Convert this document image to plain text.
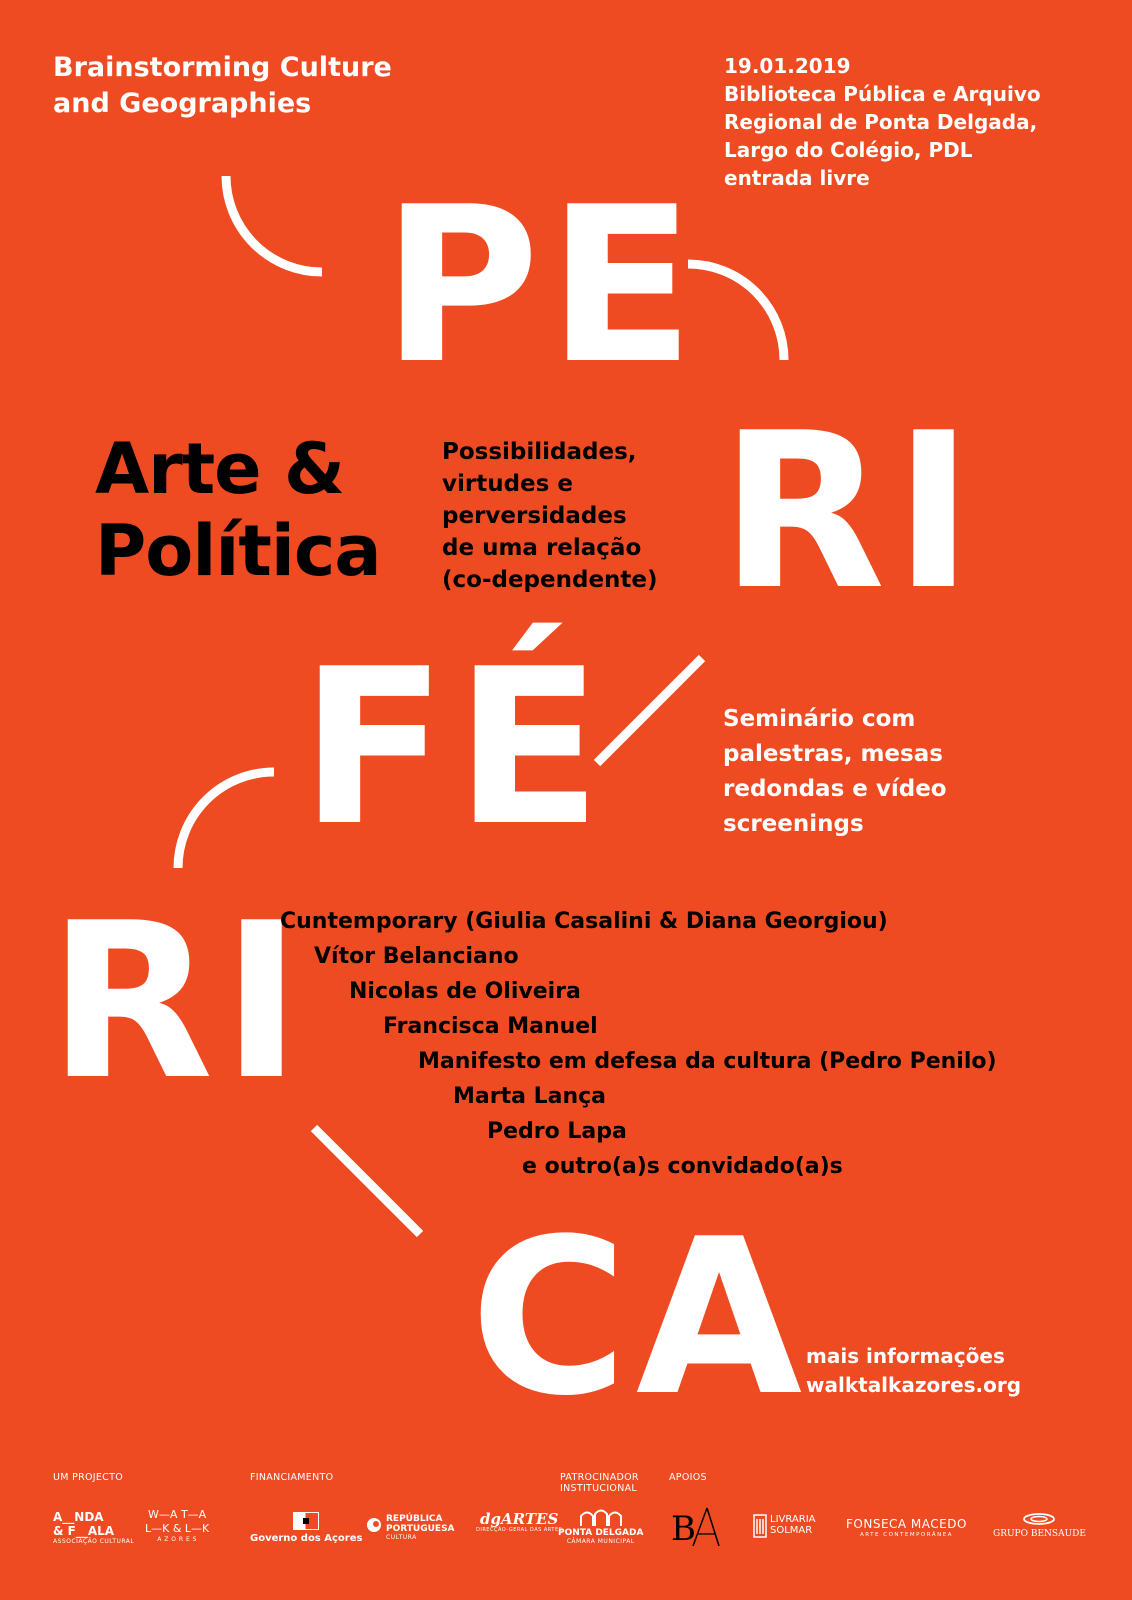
Brainstorming Culture
and Geographies
19.01.2019
Biblioteca Pública e Arquivo
Regional de Ponta Delgada,
Largo do Colégio, PDL
entrada livre
PE
RI
FÉ
RI
CA
Arte &
Política
Possibilidades,
virtudes e
perversidades
de uma relação
(co-dependente)
Seminário com
palestras, mesas
redondas e vídeo
screenings
Cuntemporary (Giulia Casalini & Diana Georgiou)
Vítor Belanciano
Nicolas de Oliveira
Francisca Manuel
Manifesto em defesa da cultura (Pedro Penilo)
Marta Lança
Pedro Lapa
e outro(a)s convidado(a)s
mais informações
walktalkazores.org
UM PROJECTO	FINANCIAMENTO	PATROCINADOR
INSTITUCIONAL
APOIOS
A__NDA
& F__ALA
ASSOCIAÇÃO CULTURAL
W—A T—A
L—K & L—K
A Z O R E S	Governo dos Açores
REPÚBLICA
PORTUGUESA
CULTURA
dgARTES
DIRECÇÃO-GERAL DAS ARTES
PONTA DELGADA
CÂMARA MUNICIPAL B	LIVRARIA
SOLMAR	FONSECA MACEDO
ARTE CONTEMPORÂNEA	GRUPO BENSAUDE
